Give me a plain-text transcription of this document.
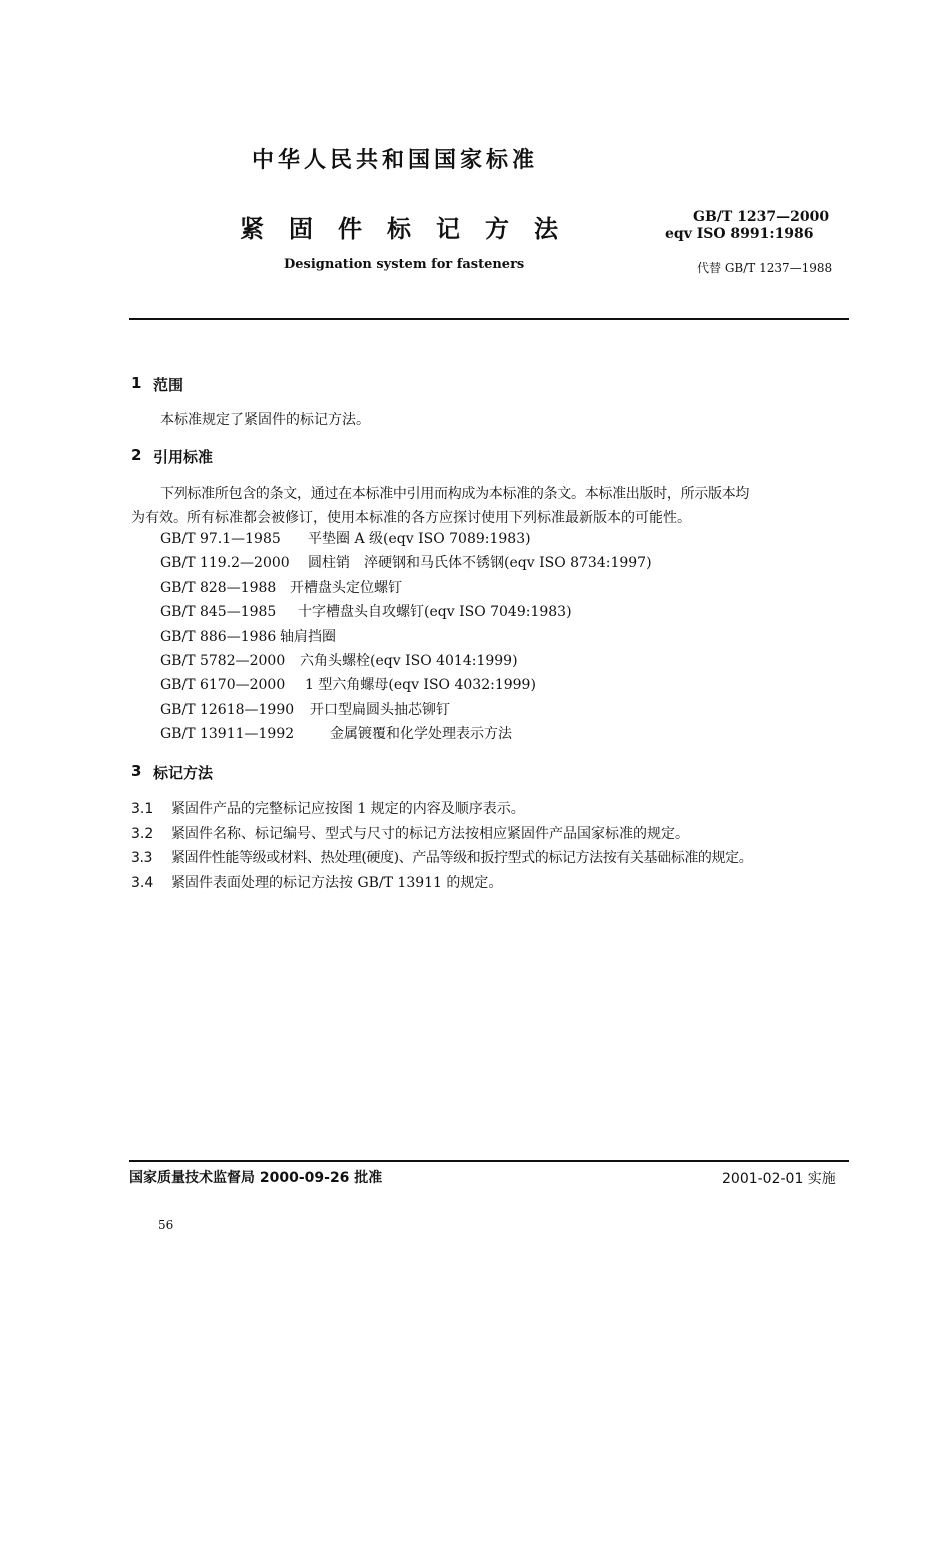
中华人民共和国国家标准
紧固件标记方法	GB/T 1237—2000
eqv ISO 8991:1986
Designation system for fasteners	代替 GB/T 1237—1988
1 范围
本标准规定了紧固件的标记方法。
2 引用标准
下列标准所包含的条文，通过在本标准中引用而构成为本标准的条文。本标准出版时，所示版本均
为有效。所有标准都会被修订，使用本标准的各方应探讨使用下列标准最新版本的可能性。
GB/T 97.1—1985 平垫圈 A 级(eqv ISO 7089:1983)
GB/T 119.2—2000 圆柱销　淬硬钢和马氏体不锈钢(eqv ISO 8734:1997)
GB/T 828—1988 开槽盘头定位螺钉
GB/T 845—1985 十字槽盘头自攻螺钉(eqv ISO 7049:1983)
GB/T 886—1986 轴肩挡圈
GB/T 5782—2000 六角头螺栓(eqv ISO 4014:1999)
GB/T 6170—2000 1 型六角螺母(eqv ISO 4032:1999)
GB/T 12618—1990 开口型扁圆头抽芯铆钉
GB/T 13911—1992	金属镀覆和化学处理表示方法
3 标记方法
3.1 紧固件产品的完整标记应按图 1 规定的内容及顺序表示。
3.2 紧固件名称、标记编号、型式与尺寸的标记方法按相应紧固件产品国家标准的规定。
3.3 紧固件性能等级或材料、热处理(硬度)、产品等级和扳拧型式的标记方法按有关基础标准的规定。
3.4 紧固件表面处理的标记方法按 GB/T 13911 的规定。
国家质量技术监督局 2000-09-26 批准	2001-02-01 实施
56
